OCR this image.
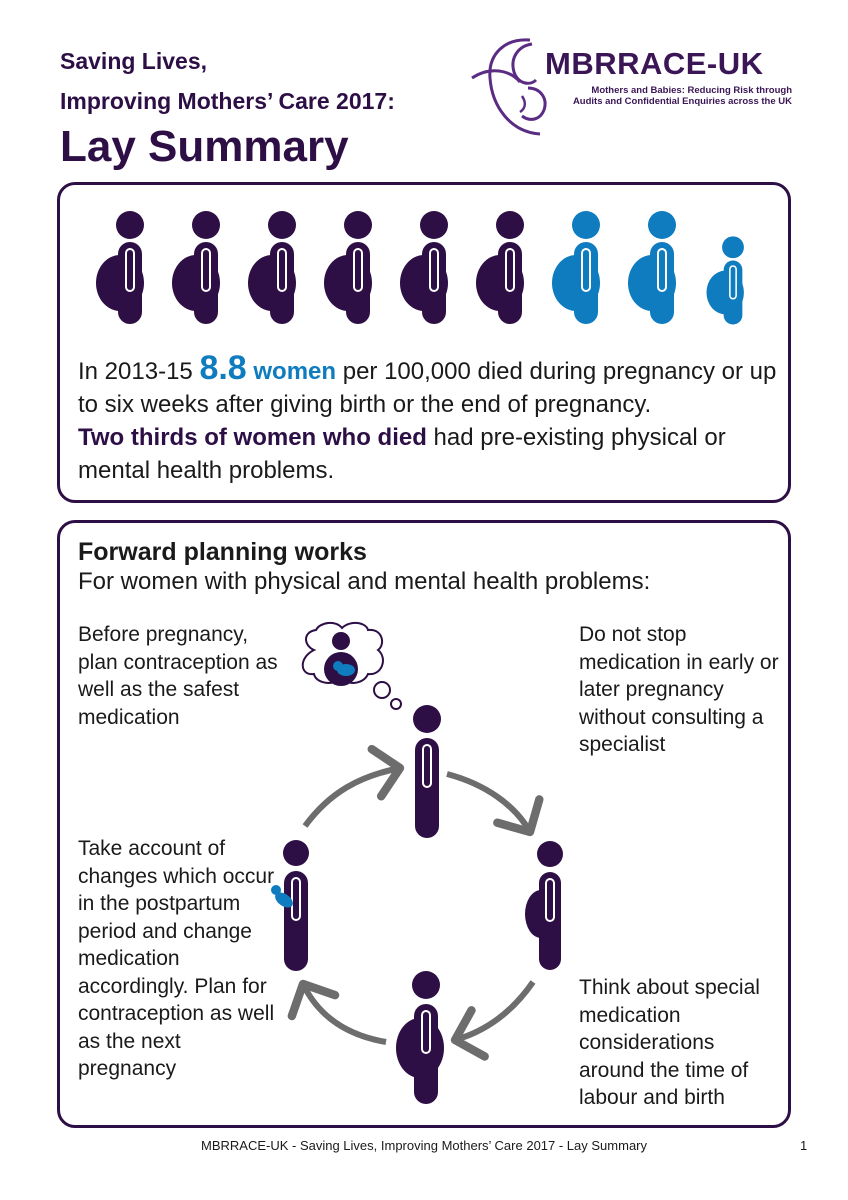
Saving Lives,
Improving Mothers’ Care 2017:
Lay Summary
MBRRACE-UK
Mothers and Babies: Reducing Risk through
Audits and Confidential Enquiries across the UK
In 2013-15 8.8 women per 100,000 died during pregnancy or up to six weeks after giving birth or the end of pregnancy.
Two thirds of women who died had pre-existing physical or mental health problems.
Forward planning works
For women with physical and mental health problems:
Before pregnancy, plan contraception as well as the safest medication
Do not stop medication in early or later pregnancy without consulting a specialist
Take account of changes which occur in the postpartum period and change medication accordingly. Plan for contraception as well as the next pregnancy
Think about special medication considerations around the time of labour and birth
MBRRACE-UK - Saving Lives, Improving Mothers’ Care 2017 - Lay Summary	1
